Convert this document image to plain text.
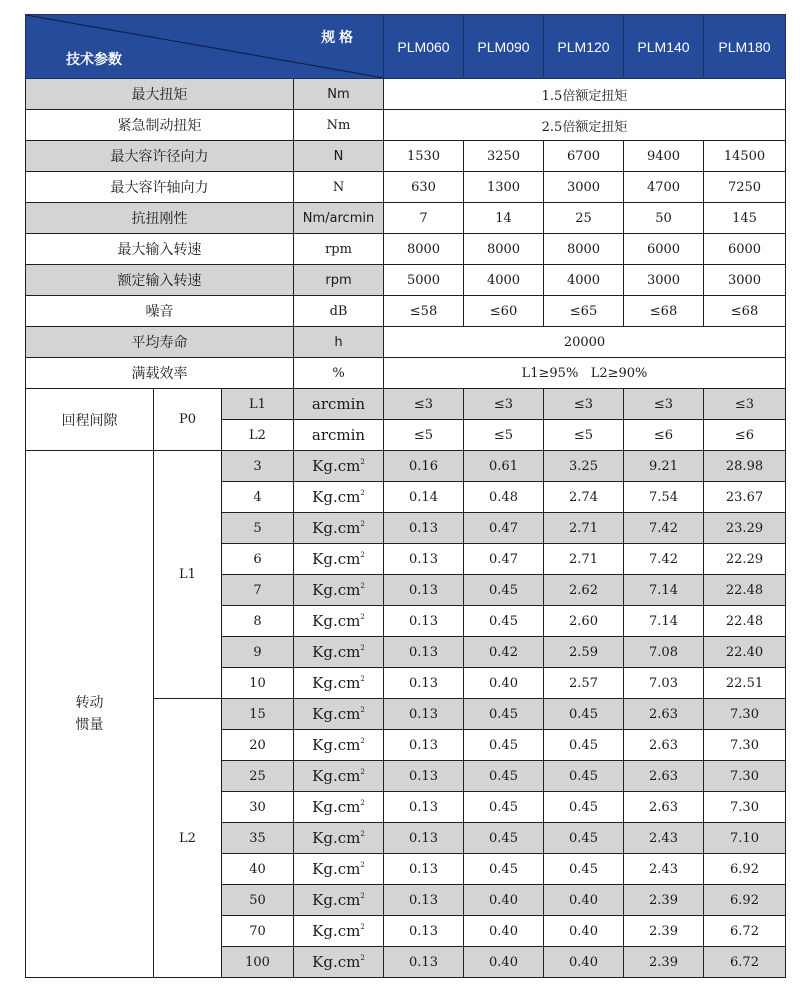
规 格
技术参数				PLM060	PLM090	PLM120	PLM140	PLM180
最大扭矩			Nm	1.5倍额定扭矩				
紧急制动扭矩			Nm	2.5倍额定扭矩				
最大容许径向力			N	1530	3250	6700	9400	14500
最大容许轴向力			N	630	1300	3000	4700	7250
抗扭刚性			Nm/arcmin	7	14	25	50	145
最大输入转速			rpm	8000	8000	8000	6000	6000
额定输入转速			rpm	5000	4000	4000	3000	3000
噪音			dB	≤58	≤60	≤65	≤68	≤68
平均寿命			h	20000				
满载效率			%	L1≥95%   L2≥90%				
回程间隙	P0	L1	arcmin	≤3	≤3	≤3	≤3	≤3
		L2	arcmin	≤5	≤5	≤5	≤6	≤6
转动
惯量	L1	3	$Kg.cm^2$	0.16	0.61	3.25	9.21	28.98
		4	$Kg.cm^2$	0.14	0.48	2.74	7.54	23.67
		5	$Kg.cm^2$	0.13	0.47	2.71	7.42	23.29
		6	$Kg.cm^2$	0.13	0.47	2.71	7.42	22.29
		7	$Kg.cm^2$	0.13	0.45	2.62	7.14	22.48
		8	$Kg.cm^2$	0.13	0.45	2.60	7.14	22.48
		9	$Kg.cm^2$	0.13	0.42	2.59	7.08	22.40
		10	$Kg.cm^2$	0.13	0.40	2.57	7.03	22.51
	L2	15	$Kg.cm^2$	0.13	0.45	0.45	2.63	7.30
		20	$Kg.cm^2$	0.13	0.45	0.45	2.63	7.30
		25	$Kg.cm^2$	0.13	0.45	0.45	2.63	7.30
		30	$Kg.cm^2$	0.13	0.45	0.45	2.63	7.30
		35	$Kg.cm^2$	0.13	0.45	0.45	2.43	7.10
		40	$Kg.cm^2$	0.13	0.45	0.45	2.43	6.92
		50	$Kg.cm^2$	0.13	0.40	0.40	2.39	6.92
		70	$Kg.cm^2$	0.13	0.40	0.40	2.39	6.72
		100	$Kg.cm^2$	0.13	0.40	0.40	2.39	6.72
